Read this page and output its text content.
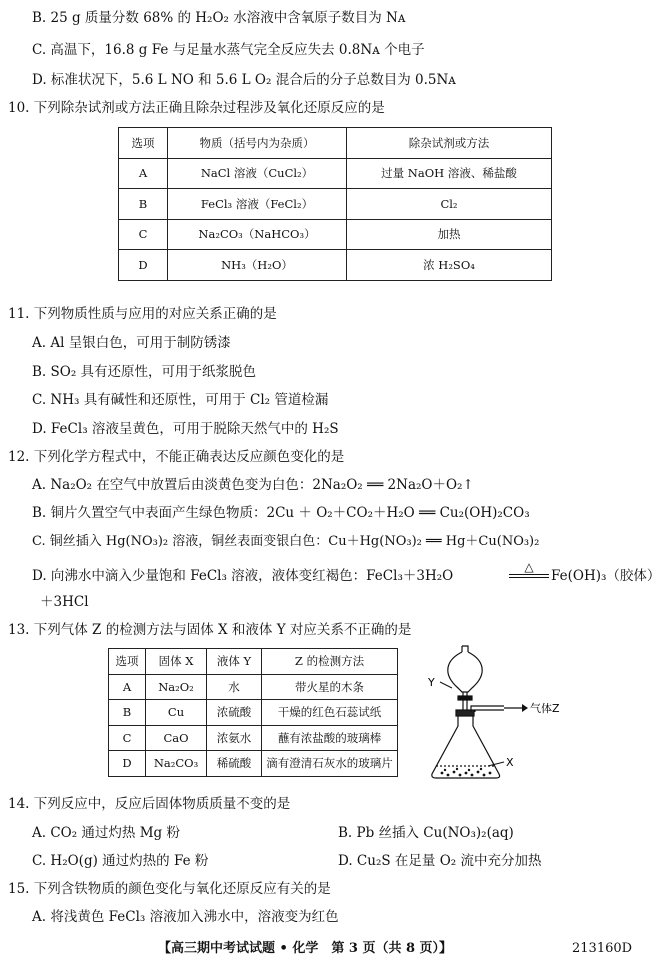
B. 25 g 质量分数 68% 的 H₂O₂ 水溶液中含氧原子数目为 Nᴀ
C. 高温下，16.8 g Fe 与足量水蒸气完全反应失去 0.8Nᴀ 个电子
D. 标准状况下，5.6 L NO 和 5.6 L O₂ 混合后的分子总数目为 0.5Nᴀ
10. 下列除杂试剂或方法正确且除杂过程涉及氧化还原反应的是
选项	物质（括号内为杂质）	除杂试剂或方法
A	NaCl 溶液（CuCl₂）	过量 NaOH 溶液、稀盐酸
B	FeCl₃ 溶液（FeCl₂）	Cl₂
C	Na₂CO₃（NaHCO₃）	加热
D	NH₃（H₂O）	浓 H₂SO₄
11. 下列物质性质与应用的对应关系正确的是
A. Al 呈银白色，可用于制防锈漆
B. SO₂ 具有还原性，可用于纸浆脱色
C. NH₃ 具有碱性和还原性，可用于 Cl₂ 管道检漏
D. FeCl₃ 溶液呈黄色，可用于脱除天然气中的 H₂S
12. 下列化学方程式中，不能正确表达反应颜色变化的是
A. Na₂O₂ 在空气中放置后由淡黄色变为白色：2Na₂O₂ ══ 2Na₂O＋O₂↑
B. 铜片久置空气中表面产生绿色物质：2Cu ＋ O₂＋CO₂＋H₂O ══ Cu₂(OH)₂CO₃
C. 铜丝插入 Hg(NO₃)₂ 溶液，铜丝表面变银白色：Cu＋Hg(NO₃)₂ ══ Hg＋Cu(NO₃)₂
D. 向沸水中滴入少量饱和 FeCl₃ 溶液，液体变红褐色：FeCl₃＋3H₂O
△
Fe(OH)₃（胶体）
＋3HCl
13. 下列气体 Z 的检测方法与固体 X 和液体 Y 对应关系不正确的是
选项	固体 X	液体 Y	Z 的检测方法
A	Na₂O₂	水	带火星的木条
B	Cu	浓硫酸	干燥的红色石蕊试纸
C	CaO	浓氨水	蘸有浓盐酸的玻璃棒
D	Na₂CO₃	稀硫酸	滴有澄清石灰水的玻璃片
Y
X
气体Z
14. 下列反应中，反应后固体物质质量不变的是
A. CO₂ 通过灼热 Mg 粉	B. Pb 丝插入 Cu(NO₃)₂(aq)
C. H₂O(g) 通过灼热的 Fe 粉	D. Cu₂S 在足量 O₂ 流中充分加热
15. 下列含铁物质的颜色变化与氧化还原反应有关的是
A. 将浅黄色 FeCl₃ 溶液加入沸水中，溶液变为红色
【高三期中考试试题 • 化学　第 3 页（共 8 页）】	213160D
